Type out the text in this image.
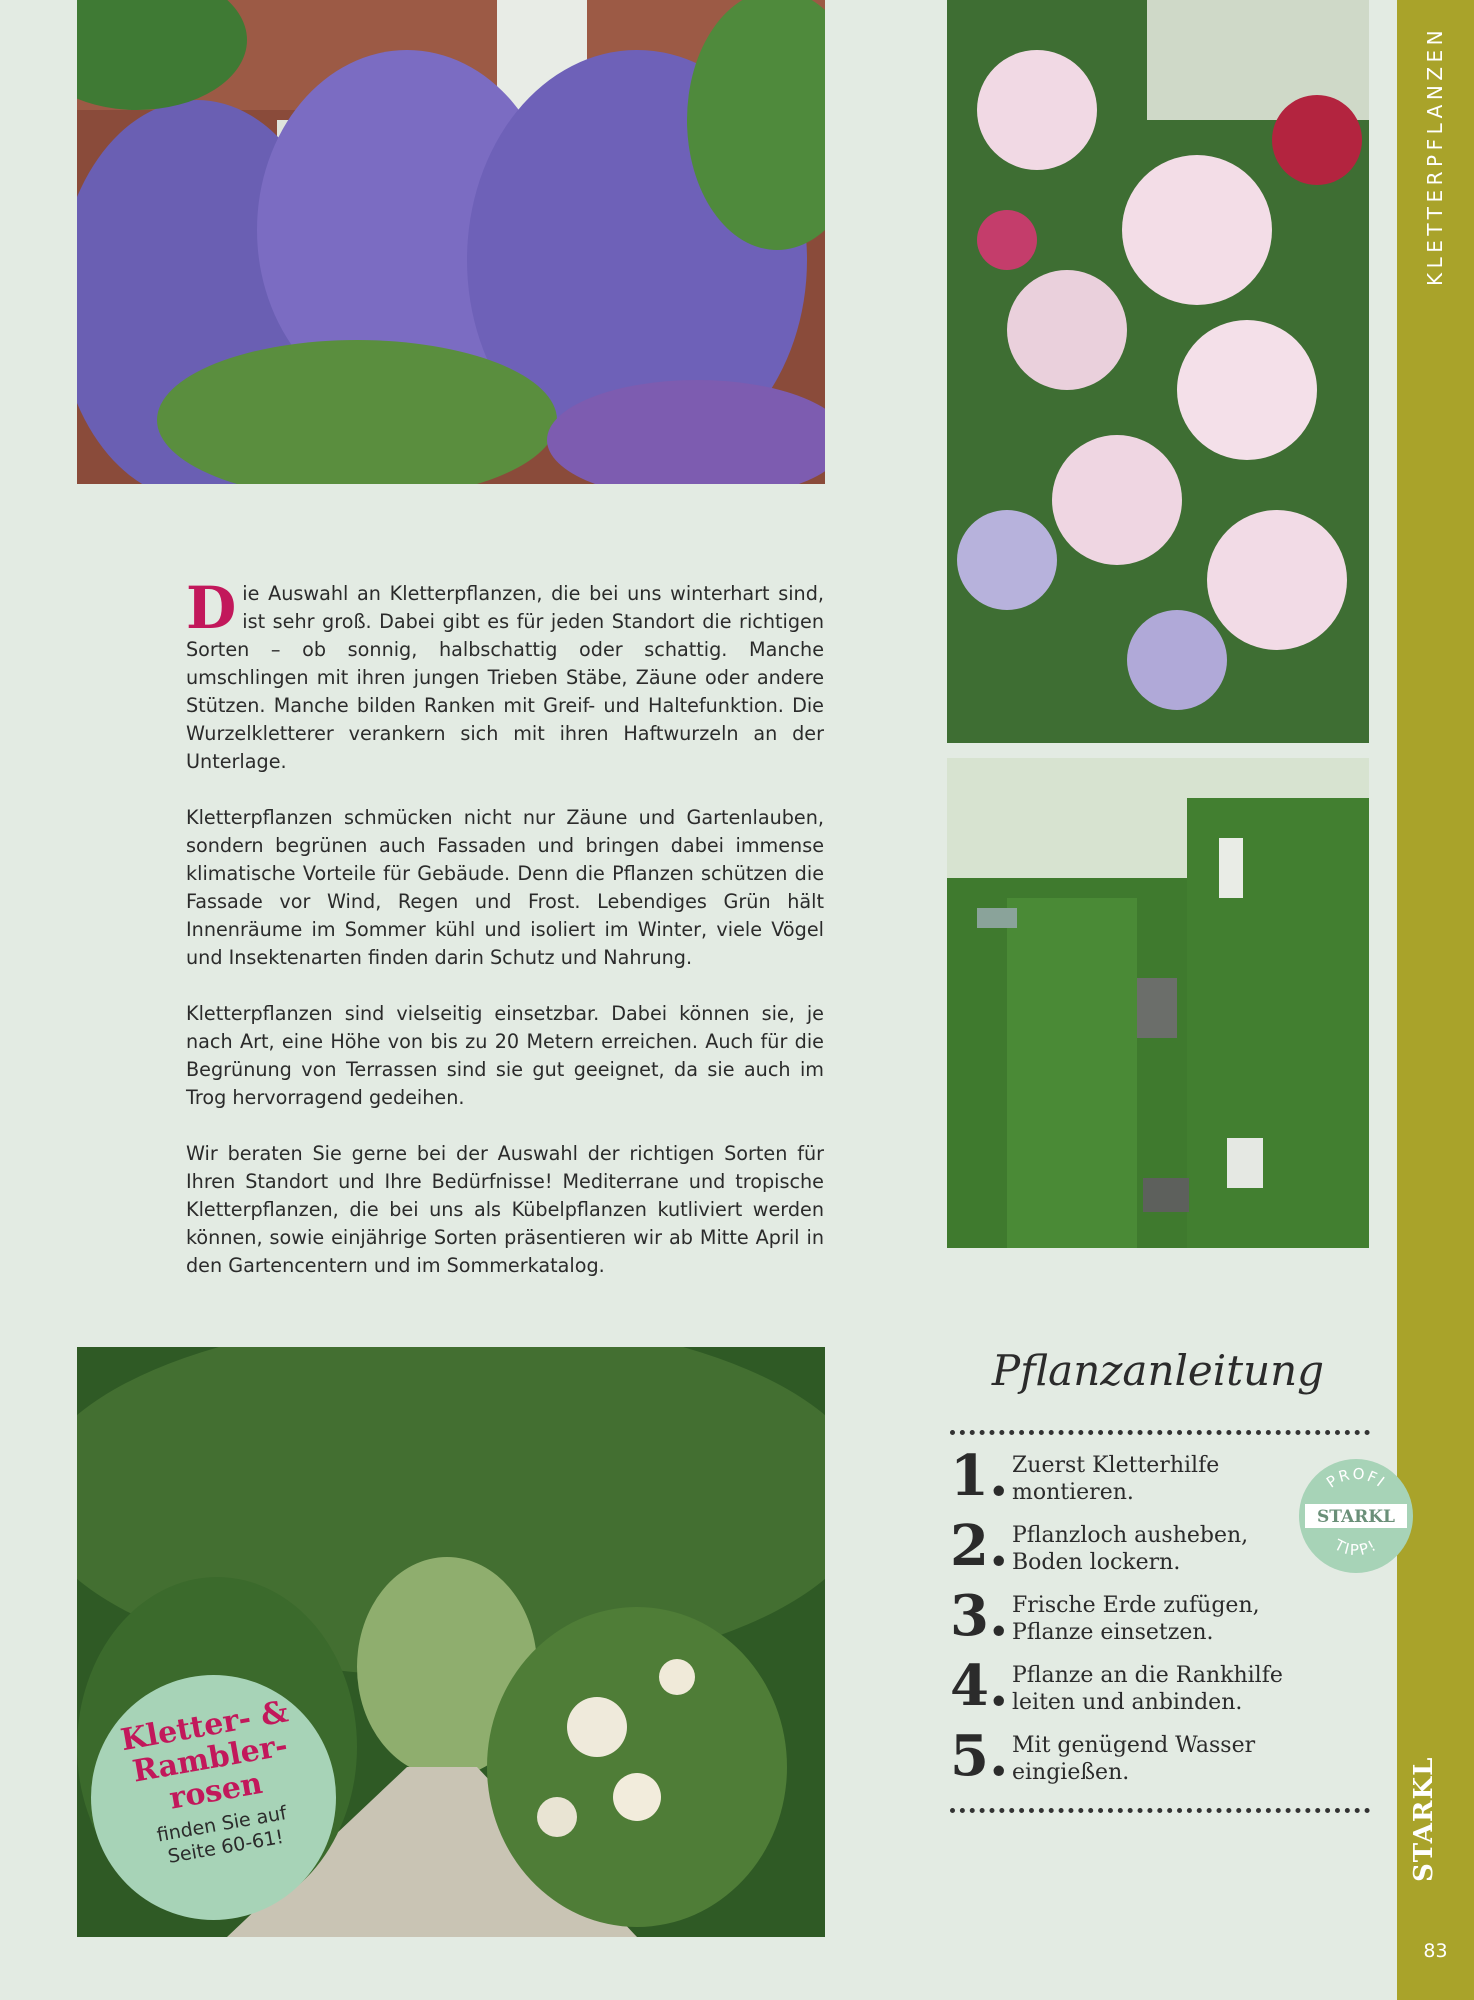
Die Auswahl an Kletterpflanzen, die bei uns winterhart sind, ist sehr groß. Dabei gibt es für jeden Standort die richtigen Sorten – ob sonnig, halbschattig oder schattig. Manche umschlingen mit ihren jungen Trieben Stäbe, Zäune oder andere Stützen. Manche bilden Ranken mit Greif- und Haltefunktion. Die Wurzelkletterer verankern sich mit ihren Haftwurzeln an der Unterlage.

Kletterpflanzen schmücken nicht nur Zäune und Gartenlauben, sondern begrünen auch Fassaden und bringen dabei immense klimatische Vorteile für Gebäude. Denn die Pflanzen schützen die Fassade vor Wind, Regen und Frost. Lebendiges Grün hält Innenräume im Sommer kühl und isoliert im Winter, viele Vögel und Insektenarten finden darin Schutz und Nahrung.

Kletterpflanzen sind vielseitig einsetzbar. Dabei können sie, je nach Art, eine Höhe von bis zu 20 Metern erreichen. Auch für die Begrünung von Terrassen sind sie gut geeignet, da sie auch im Trog hervorragend gedeihen.

Wir beraten Sie gerne bei der Auswahl der richtigen Sorten für Ihren Standort und Ihre Bedürfnisse! Mediterrane und tropische Kletterpflanzen, die bei uns als Kübelpflanzen kutliviert werden können, sowie einjährige Sorten präsentieren wir ab Mitte April in den Gartencentern und im Sommerkatalog.

KLETTERPFLANZEN
STARKL
83
Pflanzanleitung
1. Zuerst Kletterhilfe
montieren.
2. Pflanzloch ausheben,
Boden lockern.
3. Frische Erde zufügen,
Pflanze einsetzen.
4. Pflanze an die Rankhilfe
leiten und anbinden.
5. Mit genügend Wasser
eingießen.
PROFI
STARKL
TIPP!
Kletter- &
Rambler-
rosen
finden Sie auf
Seite 60-61!
